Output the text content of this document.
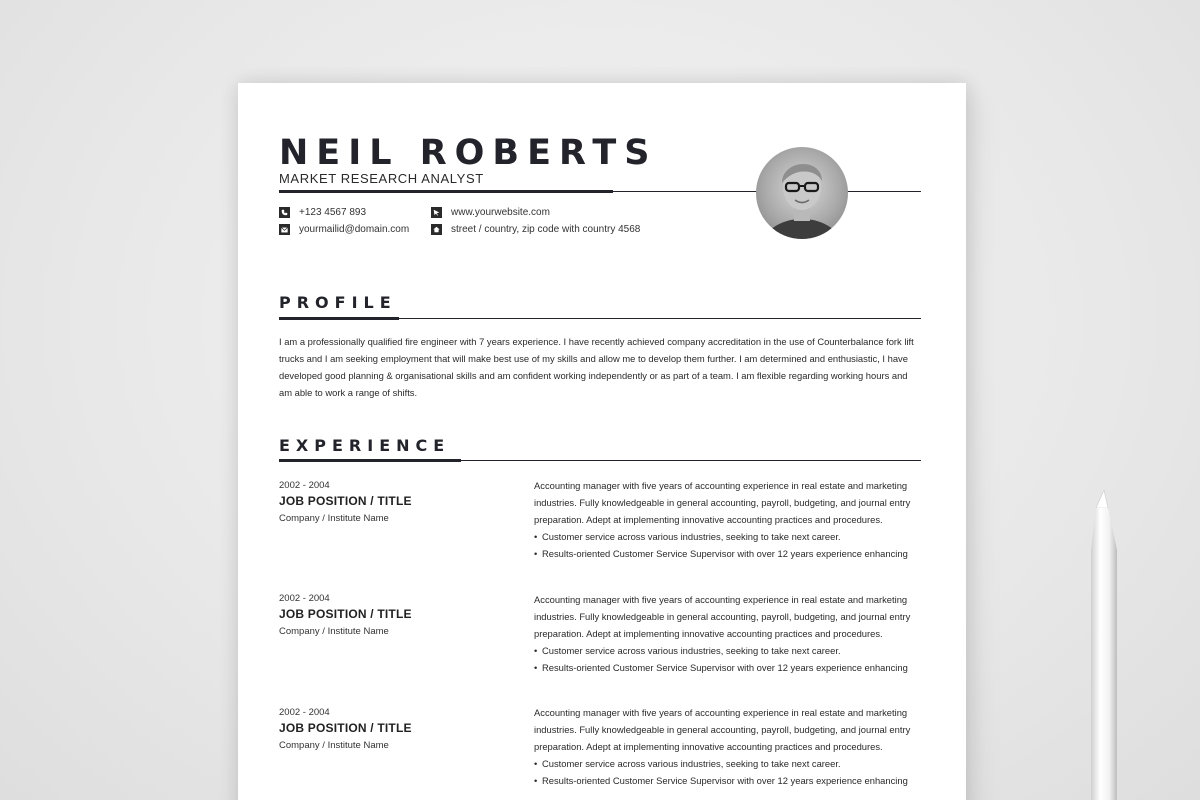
NEIL ROBERTS
MARKET RESEARCH ANALYST
+123 4567 893
yourmailid@domain.com
www.yourwebsite.com
street / country, zip code with country 4568
PROFILE
I am a professionally qualified fire engineer with 7 years experience. I have recently achieved company accreditation in the use of Counterbalance fork lift trucks and I am seeking employment that will make best use of my skills and allow me to develop them further. I am determined and enthusiastic, I have developed good planning & organisational skills and am confident working independently or as part of a team. I am flexible regarding working hours and am able to work a range of shifts.
EXPERIENCE
2002 - 2004
JOB POSITION / TITLE
Company / Institute Name
Accounting manager with five years of accounting experience in real estate and marketing industries. Fully knowledgeable in general accounting, payroll, budgeting, and journal entry preparation. Adept at implementing innovative accounting practices and procedures.
• Customer service across various industries, seeking to take next career.
• Results-oriented Customer Service Supervisor with over 12 years experience enhancing
2002 - 2004
JOB POSITION / TITLE
Company / Institute Name
Accounting manager with five years of accounting experience in real estate and marketing industries. Fully knowledgeable in general accounting, payroll, budgeting, and journal entry preparation. Adept at implementing innovative accounting practices and procedures.
• Customer service across various industries, seeking to take next career.
• Results-oriented Customer Service Supervisor with over 12 years experience enhancing
2002 - 2004
JOB POSITION / TITLE
Company / Institute Name
Accounting manager with five years of accounting experience in real estate and marketing industries. Fully knowledgeable in general accounting, payroll, budgeting, and journal entry preparation. Adept at implementing innovative accounting practices and procedures.
• Customer service across various industries, seeking to take next career.
• Results-oriented Customer Service Supervisor with over 12 years experience enhancing
